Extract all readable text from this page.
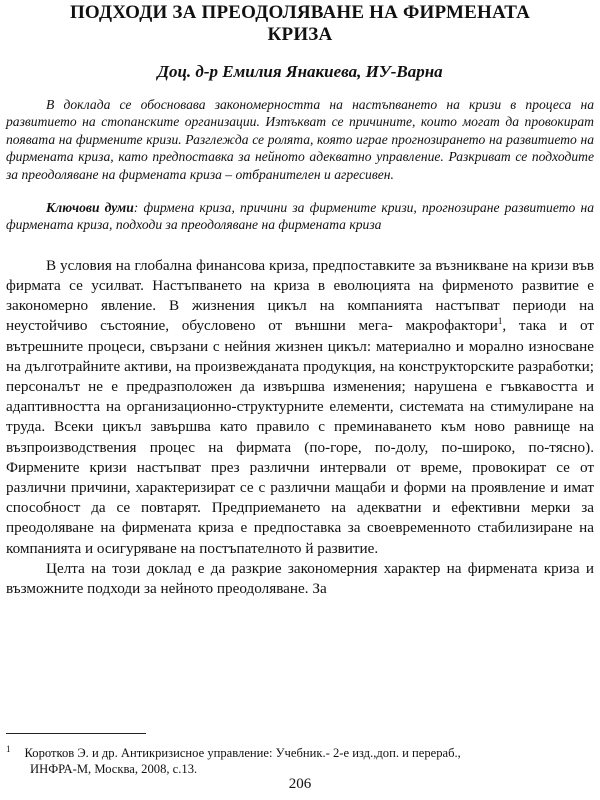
ПОДХОДИ ЗА ПРЕОДОЛЯВАНЕ НА ФИРМЕНАТА
КРИЗА
Доц. д-р Емилия Янакиева, ИУ-Варна

В доклада се обосновава закономерността на настъпването на кризи в процеса на развитието на стопанските организации. Изтъкват се причините, които могат да провокират появата на фирмените кризи. Разглежда се ролята, която играе прогнозирането на развитието на фирмената криза, като предпоставка за нейното адекватно управление. Разкриват се подходите за преодоляване на фирмената криза – отбранителен и агресивен.

Ключови думи: фирмена криза, причини за фирмените кризи, прогнозиране развитието на фирмената криза, подходи за преодоляване на фирмената криза

В условия на глобална финансова криза, предпоставките за възникване на кризи във фирмата се усилват. Настъпването на криза в еволюцията на фирменото развитие е закономерно явление. В жизнения цикъл на компанията настъпват периоди на неустойчиво състояние, обусловено от външни мега- макрофактори$^1$, така и от вътрешните процеси, свързани с нейния жизнен цикъл: материално и морално износване на дълготрайните активи, на произвежданата продукция, на конструкторските разработки; персоналът не е предразположен да извършва изменения; нарушена е гъвкавостта и адаптивността на организационно-структурните елементи, системата на стимулиране на труда. Всеки цикъл завършва като правило с преминаването към ново равнище на възпроизводствения процес на фирмата (по-горе, по-долу, по-широко, по-тясно). Фирмените кризи настъпват през различни интервали от време, провокират се от различни причини, характеризират се с различни мащаби и форми на проявление и имат способност да се повтарят. Предприемането на адекватни и ефективни мерки за преодоляване на фирмената криза е предпоставка за своевременното стабилизиране на компанията и осигуряване на постъпателното й развитие.

Целта на този доклад е да разкрие закономерния характер на фирмената криза и възможните подходи за нейното преодоляване. За

$^1$ Коротков Э. и др. Антикризисное управление: Учебник.- 2-е изд.,доп. и перераб.,
ИНФРА-М, Москва, 2008, с.13.
206
